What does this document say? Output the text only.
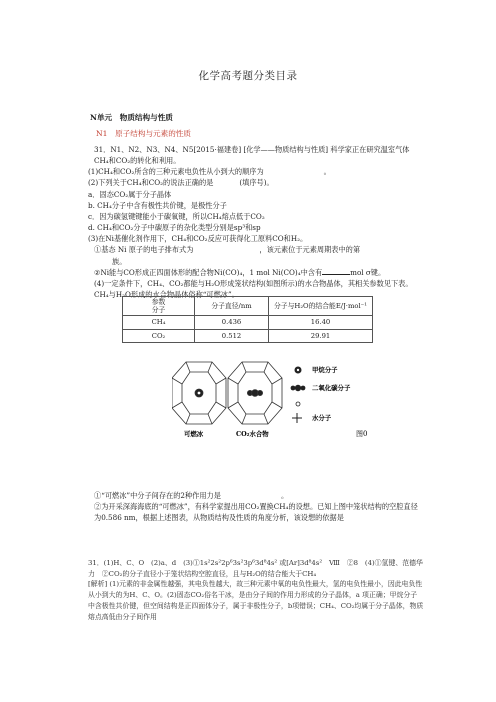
化学高考题分类目录
N单元　物质结构与性质
N1　原子结构与元素的性质

31．N1、N2、N3、N4、N5[2015·福建卷] [化学——物质结构与性质] 科学家正在研究温室气体CH₄和CO₂的转化和利用。

(1)CH₄和CO₂所含的三种元素电负性从小到大的顺序为	。

(2)下列关于CH₄和CO₂的说法正确的是	(填序号)。

a．固态CO₂属于分子晶体

b. CH₄分子中含有极性共价键，是极性分子

c．因为碳氢键键能小于碳氧键，所以CH₄熔点低于CO₂

d. CH₄和CO₂分子中碳原子的杂化类型分别是sp³和sp

(3)在Ni基催化剂作用下，CH₄和CO₂反应可获得化工原料CO和H₂。

①基态 Ni 原子的电子排布式为	，该元素位于元素周期表中的第
族。

②Ni能与CO形成正四面体形的配合物Ni(CO)₄，1 mol Ni(CO)₄中含有	mol σ键。

(4)一定条件下，CH₄、CO₂都能与H₂O形成笼状结构(如图所示)的水合物晶体，其相关参数见下表。CH₄与H₂O形成的水合物晶体俗称“可燃冰”。

参数
分子	分子直径/nm	分子与H₂O的结合能E/J·mol⁻¹
CH₄	0.436	16.40
CO₂	0.512	29.91
甲烷分子
二氧化碳分子
水分子
可燃冰	CO₂水合物	图0

①“可燃冰”中分子间存在的2种作用力是	。

②为开采深海海底的“可燃冰”，有科学家提出用CO₂置换CH₄的设想。已知上图中笼状结构的空腔直径为0.586 nm，根据上述图表，从物质结构及性质的角度分析，该设想的依据是

31．(1)H、C、O　(2)a、d　(3)①1s²2s²2p⁶3s²3p⁶3d⁸4s² 或[Ar]3d⁸4s²　Ⅷ　②8　(4)①氢键、范德华力　②CO₂的分子直径小于笼状结构空腔直径，且与H₂O的结合能大于CH₄

[解析] (1)元素的非金属性越强，其电负性越大，故三种元素中氧的电负性最大，氢的电负性最小，因此电负性从小到大的为H、C、O。(2)固态CO₂俗名干冰，是由分子间的作用力形成的分子晶体，a 项正确；甲烷分子中含极性共价键，但空间结构是正四面体分子，属于非极性分子，b项错误；CH₄、CO₂均属于分子晶体，物质熔点高低由分子间作用
